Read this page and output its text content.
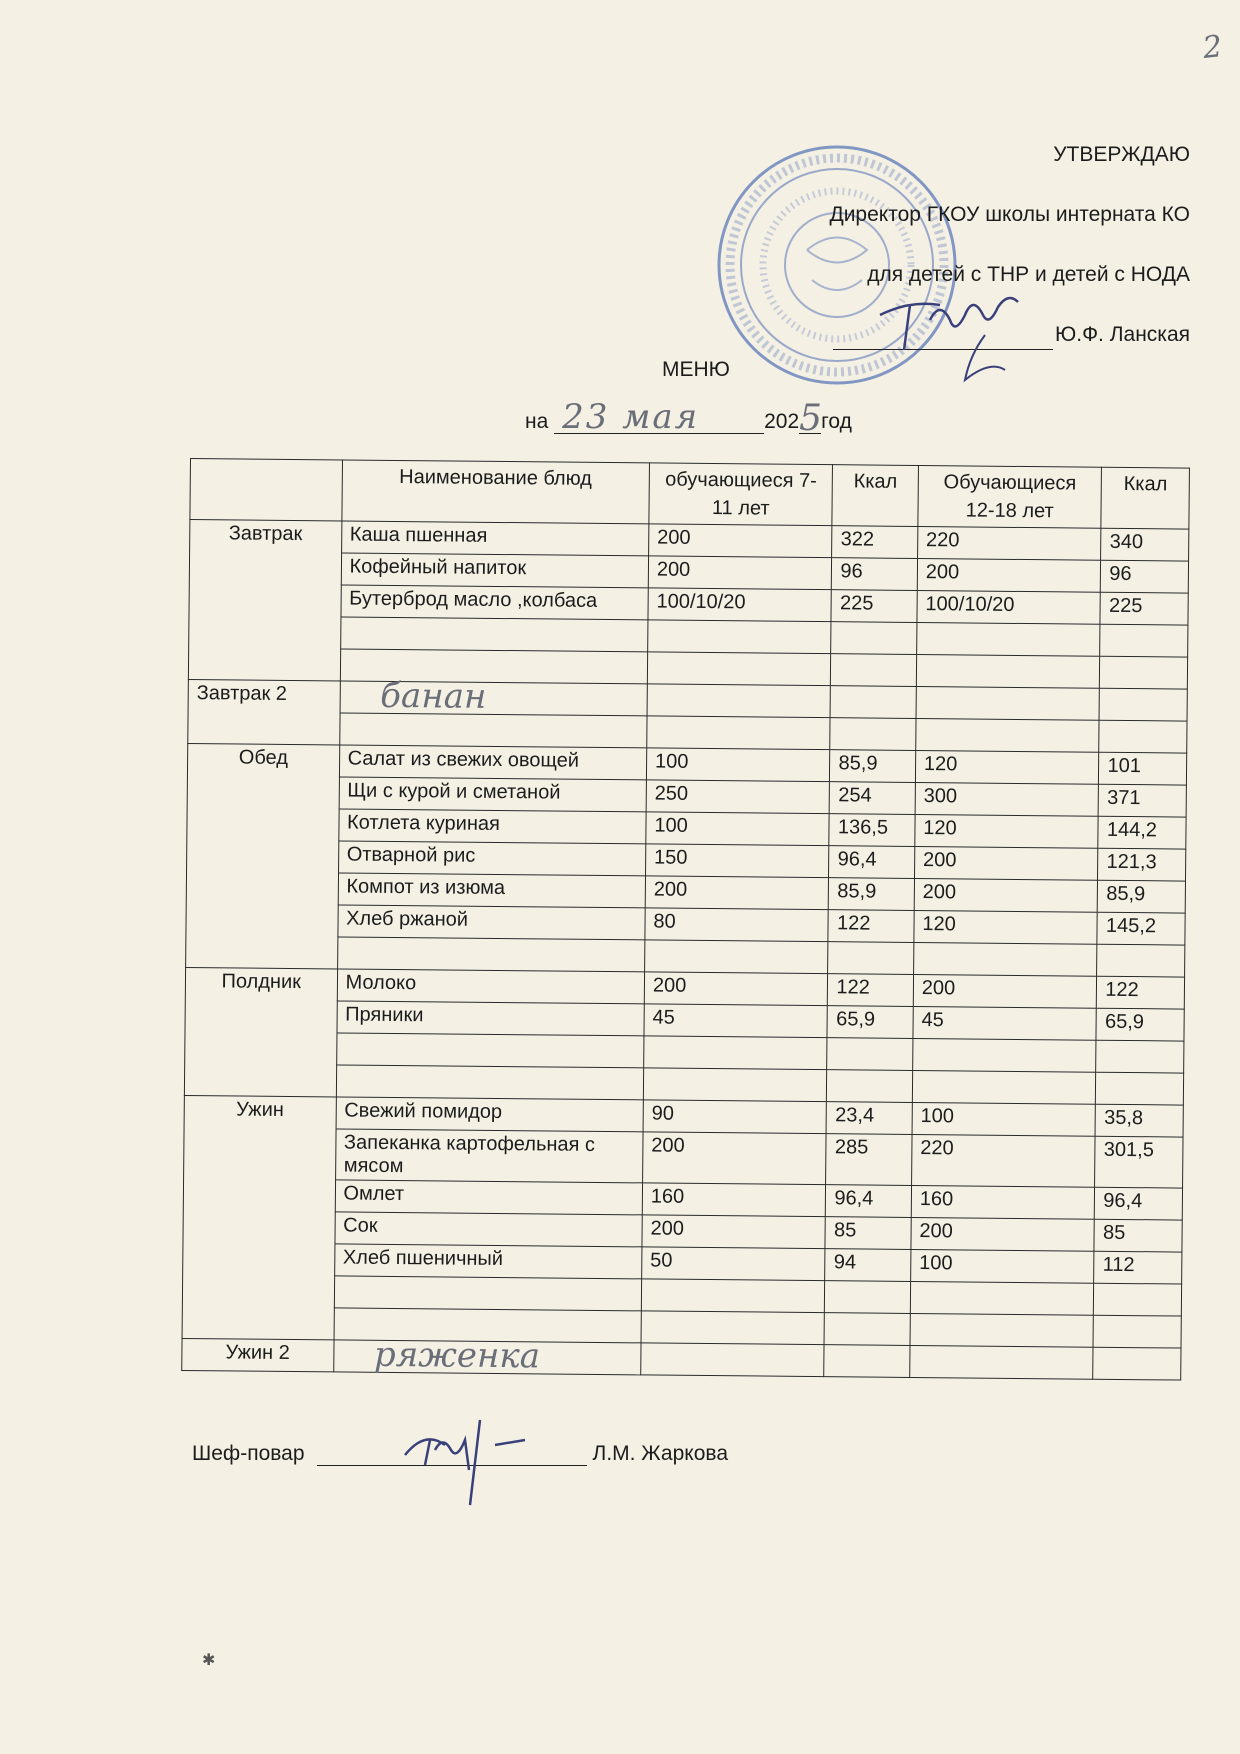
2
УТВЕРЖДАЮ
Директор ГКОУ школы интерната КО
для детей с ТНР и детей с НОДА
Ю.Ф. Ланская
МЕНЮ
на 23 мая	202 5 год
	Наименование блюд	обучающиеся 7-11 лет	Ккал	Обучающиеся 12-18 лет	Ккал
Завтрак	Каша пшенная	200	322	220	340
	Кофейный напиток	200	96	200	96
	Бутерброд масло ,колбаса	100/10/20	225	100/10/20	225

Завтрак 2	банан				

Обед	Салат из свежих овощей	100	85,9	120	101
	Щи с курой и сметаной	250	254	300	371
	Котлета куриная	100	136,5	120	144,2
	Отварной рис	150	96,4	200	121,3
	Компот из изюма	200	85,9	200	85,9
	Хлеб ржаной	80	122	120	145,2

Полдник	Молоко	200	122	200	122
	Пряники	45	65,9	45	65,9

Ужин	Свежий помидор	90	23,4	100	35,8
	Запеканка картофельная с мясом	200	285	220	301,5
	Омлет	160	96,4	160	96,4
	Сок	200	85	200	85
	Хлеб пшеничный	50	94	100	112

Ужин 2	ряженка				

Шеф-повар	Л.М. Жаркова
✱
